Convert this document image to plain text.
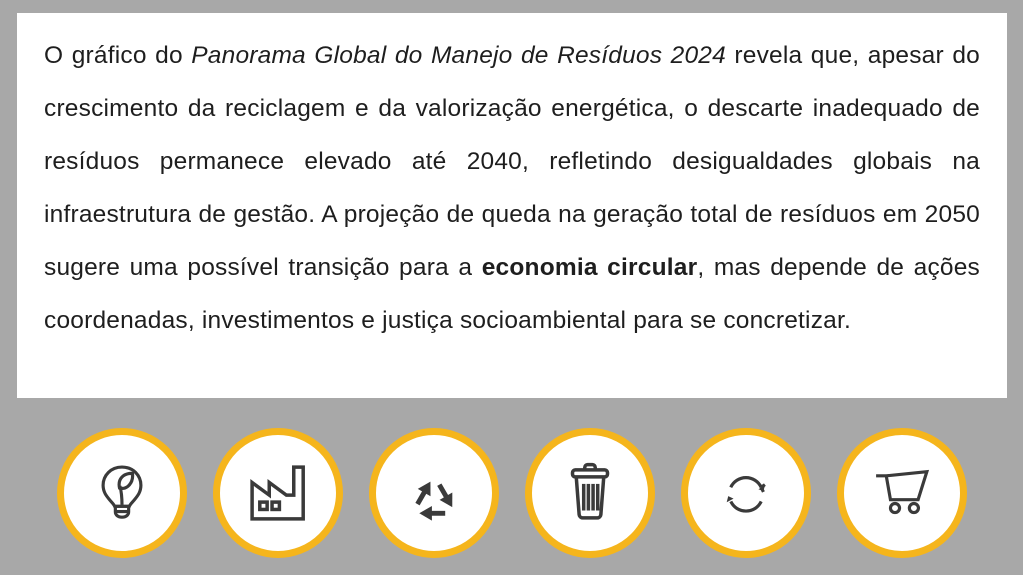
O gráfico do Panorama Global do Manejo de Resíduos 2024 revela que, apesar do crescimento da reciclagem e da valorização energética, o descarte inadequado de resíduos permanece elevado até 2040, refletindo desigualdades globais na infraestrutura de gestão. A projeção de queda na geração total de resíduos em 2050 sugere uma possível transição para a economia circular, mas depende de ações coordenadas, investimentos e justiça socioambiental para se concretizar.
